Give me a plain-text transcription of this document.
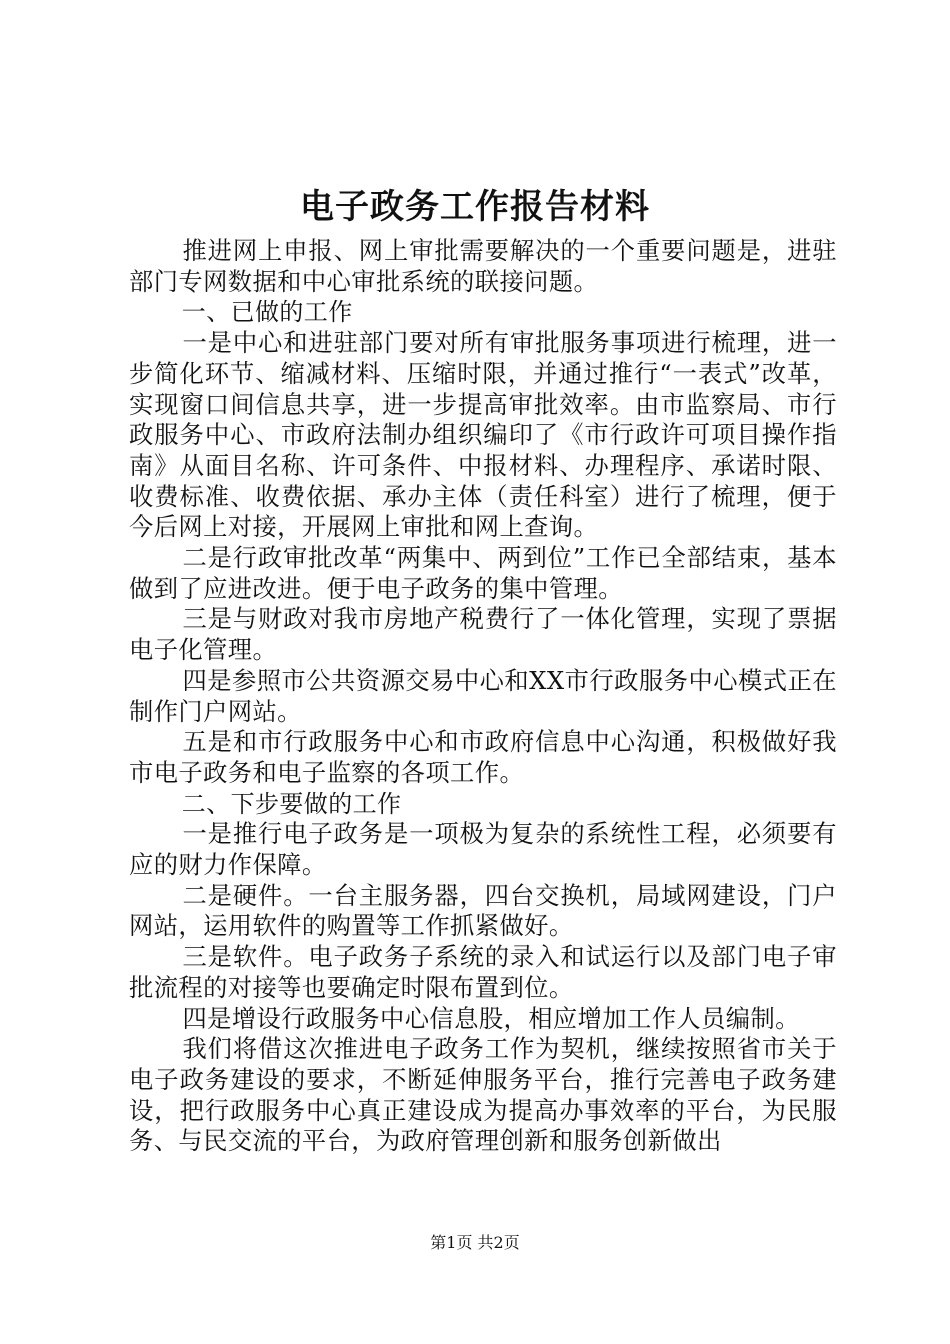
电子政务工作报告材料

推进网上申报、网上审批需要解决的一个重要问题是，进驻部门专网数据和中心审批系统的联接问题。

一、已做的工作

一是中心和进驻部门要对所有审批服务事项进行梳理，进一步简化环节、缩减材料、压缩时限，并通过推行“一表式”改革，实现窗口间信息共享，进一步提高审批效率。由市监察局、市行政服务中心、市政府法制办组织编印了《市行政许可项目操作指南》从面目名称、许可条件、中报材料、办理程序、承诺时限、收费标准、收费依据、承办主体（责任科室）进行了梳理，便于今后网上对接，开展网上审批和网上查询。

二是行政审批改革“两集中、两到位”工作已全部结束，基本做到了应进改进。便于电子政务的集中管理。

三是与财政对我市房地产税费行了一体化管理，实现了票据电子化管理。

四是参照市公共资源交易中心和XX市行政服务中心模式正在制作门户网站。

五是和市行政服务中心和市政府信息中心沟通，积极做好我市电子政务和电子监察的各项工作。

二、下步要做的工作

一是推行电子政务是一项极为复杂的系统性工程，必须要有应的财力作保障。

二是硬件。一台主服务器，四台交换机，局域网建设，门户网站，运用软件的购置等工作抓紧做好。

三是软件。电子政务子系统的录入和试运行以及部门电子审批流程的对接等也要确定时限布置到位。

四是增设行政服务中心信息股，相应增加工作人员编制。

我们将借这次推进电子政务工作为契机，继续按照省市关于电子政务建设的要求，不断延伸服务平台，推行完善电子政务建设，把行政服务中心真正建设成为提高办事效率的平台，为民服务、与民交流的平台，为政府管理创新和服务创新做出

第1页 共2页
